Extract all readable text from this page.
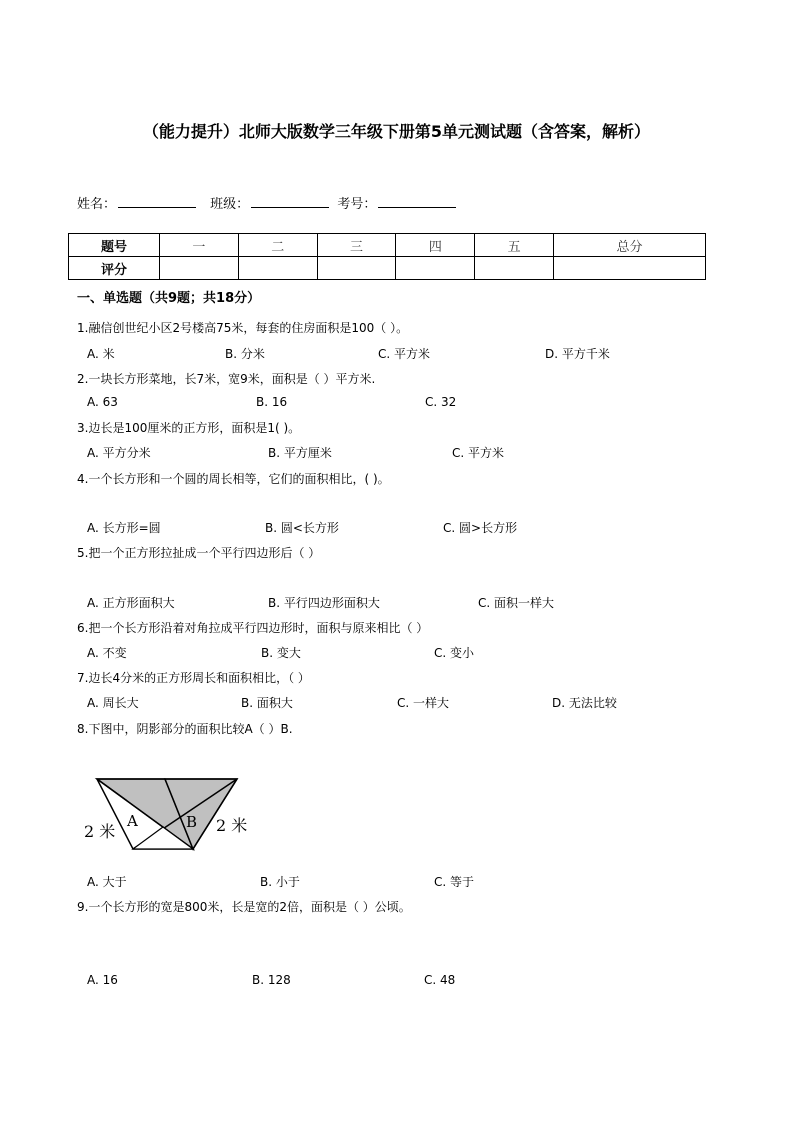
（能力提升）北师大版数学三年级下册第5单元测试题（含答案，解析）
姓名：	班级：	考号：
题号	一	二	三	四	五	总分
评分						
一、单选题（共9题；共18分）
1.融信创世纪小区2号楼高75米，每套的住房面积是100（ ）。
A. 米	B. 分米	C. 平方米	D. 平方千米
2.一块长方形菜地，长7米，宽9米，面积是（ ）平方米.
A. 63	B. 16	C. 32
3.边长是100厘米的正方形，面积是1( )。
A. 平方分米	B. 平方厘米	C. 平方米
4.一个长方形和一个圆的周长相等，它们的面积相比，( )。
A. 长方形=圆	B. 圆<长方形	C. 圆>长方形
5.把一个正方形拉扯成一个平行四边形后（ ）
A. 正方形面积大	B. 平行四边形面积大	C. 面积一样大
6.把一个长方形沿着对角拉成平行四边形时，面积与原来相比（ ）
A. 不变	B. 变大	C. 变小
7.边长4分米的正方形周长和面积相比，（ ）
A. 周长大	B. 面积大	C. 一样大	D. 无法比较
8.下图中，阴影部分的面积比较A（ ）B.
A	B
2 米	2 米
A. 大于	B. 小于	C. 等于
9.一个长方形的宽是800米，长是宽的2倍，面积是（ ）公顷。
A. 16	B. 128	C. 48
